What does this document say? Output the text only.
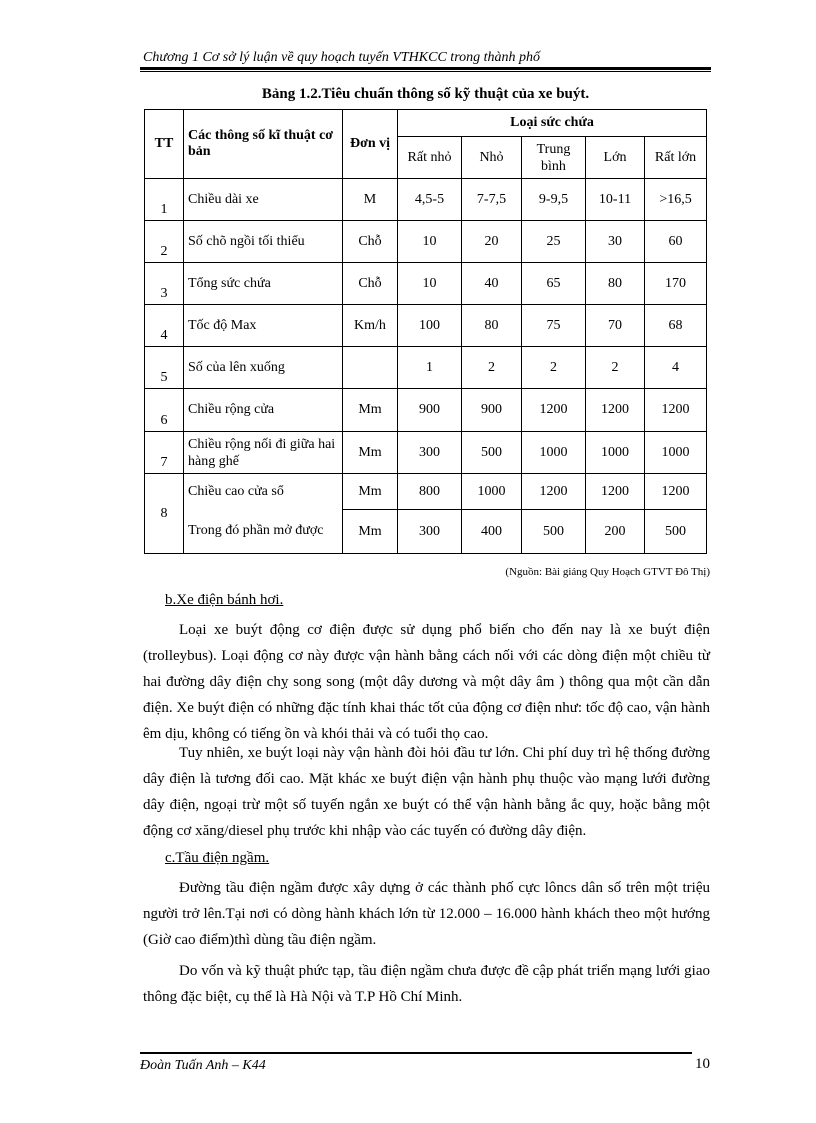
Chương 1 Cơ sở lý luận về quy hoạch tuyến VTHKCC trong thành phố
Bảng 1.2.Tiêu chuẩn thông số kỹ thuật của xe buýt.
TT	Các thông số kĩ thuật cơ bản	Đơn vị	Loại sức chứa				
			Rất nhỏ	Nhỏ	Trung bình	Lớn	Rất lớn
1	Chiều dài xe	M	4,5-5	7-7,5	9-9,5	10-11	>16,5
2	Số chõ ngồi tối thiểu	Chỗ	10	20	25	30	60
3	Tổng sức chứa	Chỗ	10	40	65	80	170
4	Tốc độ Max	Km/h	100	80	75	70	68
5	Số của lên xuống		1	2	2	2	4
6	Chiều rộng cửa	Mm	900	900	1200	1200	1200
7	Chiều rộng nối đi giữa hai hàng ghế	Mm	300	500	1000	1000	1000
8	Chiều cao cửa sổ	Mm	800	1000	1200	1200	1200
	Trong đó phần mở được	Mm	300	400	500	200	500
(Nguồn: Bài giảng Quy Hoạch GTVT Đô Thị)
b.Xe điện bánh hơi.

Loại xe buýt động cơ điện được sử dụng phổ biến cho đến nay là xe buýt điện (trolleybus). Loại động cơ này được vận hành bằng cách nối với các dòng điện một chiều từ hai đường dây điện chỵ song song (một dây dương và một dây âm ) thông qua một cần dẫn điện. Xe buýt điện có những đặc tính khai thác tốt của động cơ điện như: tốc độ cao, vận hành êm dịu, không có tiếng ồn và khói thải và có tuổi thọ cao.

Tuy nhiên, xe buýt loại này vận hành đòi hỏi đầu tư lớn. Chi phí duy trì hệ thống đường dây điện là tương đối cao. Mặt khác xe buýt điện vận hành phụ thuộc vào mạng lưới đường dây điện, ngoại trừ một số tuyến ngắn xe buýt có thể vận hành bằng ắc quy, hoặc bằng một động cơ xăng/diesel phụ trước khi nhập vào các tuyến có đường dây điện.

c.Tầu điện ngầm.

Đường tầu điện ngầm được xây dựng ở các thành phố cực lôncs dân số trên một triệu người trở lên.Tại nơi có dòng hành khách lớn từ 12.000 – 16.000 hành khách theo một hướng (Giờ cao điểm)thì dùng tầu điện ngầm.

Do vốn và kỹ thuật phức tạp, tầu điện ngầm chưa được đề cập phát triển mạng lưới giao thông đặc biệt, cụ thể là Hà Nội và T.P Hồ Chí Minh.

Đoàn Tuấn Anh – K44	10
